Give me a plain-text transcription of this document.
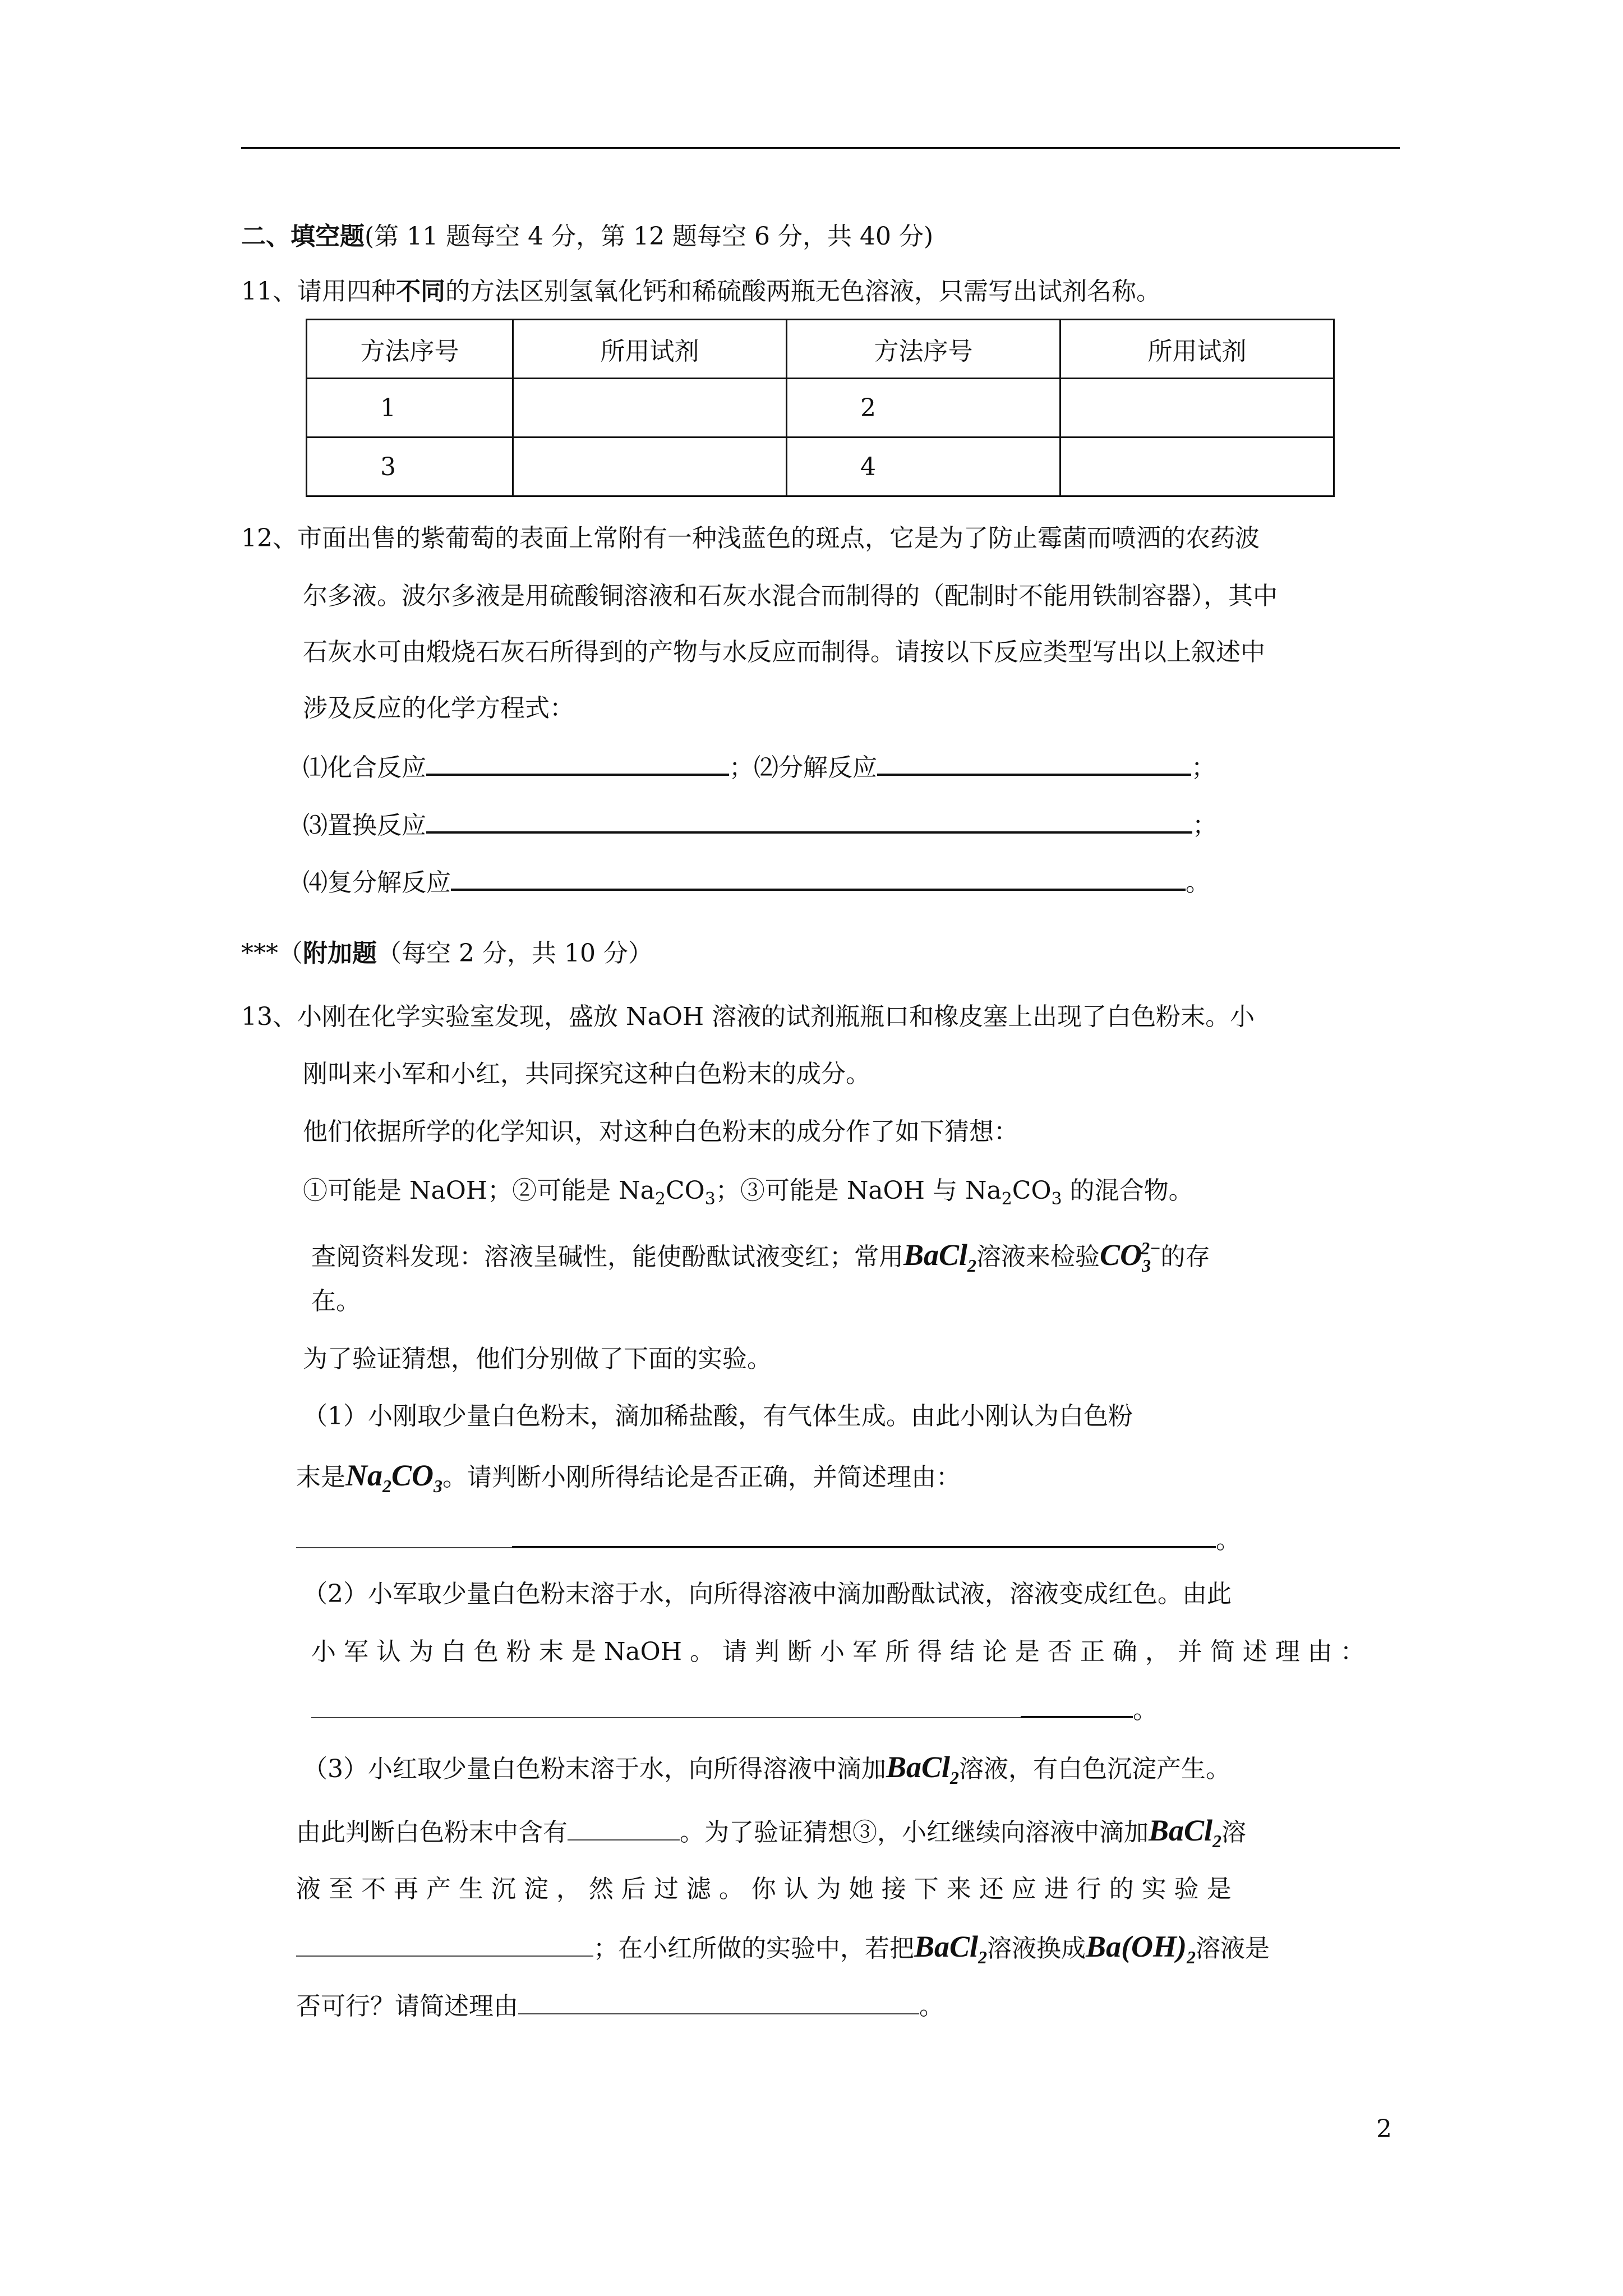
二、填空题(第 11 题每空 4 分，第 12 题每空 6 分，共 40 分)
11、请用四种不同的方法区别氢氧化钙和稀硫酸两瓶无色溶液，只需写出试剂名称。
方法序号	所用试剂	方法序号	所用试剂
1		2	
3		4	
12、市面出售的紫葡萄的表面上常附有一种浅蓝色的斑点，它是为了防止霉菌而喷洒的农药波
尔多液。波尔多液是用硫酸铜溶液和石灰水混合而制得的（配制时不能用铁制容器），其中
石灰水可由煅烧石灰石所得到的产物与水反应而制得。请按以下反应类型写出以上叙述中
涉及反应的化学方程式：
⑴化合反应	；⑵分解反应	；
⑶置换反应	；
⑷复分解反应	。
***（附加题（每空 2 分，共 10 分）
13、小刚在化学实验室发现，盛放 NaOH 溶液的试剂瓶瓶口和橡皮塞上出现了白色粉末。小
刚叫来小军和小红，共同探究这种白色粉末的成分。
他们依据所学的化学知识，对这种白色粉末的成分作了如下猜想：
①可能是 NaOH；②可能是 $Na_2CO_3$；③可能是 NaOH 与 $Na_2CO_3$ 的混合物。
查阅资料发现：溶液呈碱性，能使酚酞试液变红；常用BaCl$_2$溶液来检验$CO_3^{2-}$的存
在。
为了验证猜想，他们分别做了下面的实验。
（1）小刚取少量白色粉末，滴加稀盐酸，有气体生成。由此小刚认为白色粉
末是$Na_2CO_3$。请判断小刚所得结论是否正确，并简述理由：
。
（2）小军取少量白色粉末溶于水，向所得溶液中滴加酚酞试液，溶液变成红色。由此
小 军 认 为 白 色 粉 末 是 NaOH 。 请 判 断 小 军 所 得 结 论 是 否 正 确 ， 并 简 述 理 由 ：
。
（3）小红取少量白色粉末溶于水，向所得溶液中滴加BaCl$_2$溶液，有白色沉淀产生。
由此判断白色粉末中含有	。为了验证猜想③，小红继续向溶液中滴加BaCl$_2$溶
液 至 不 再 产 生 沉 淀 ， 然 后 过 滤 。 你 认 为 她 接 下 来 还 应 进 行 的 实 验 是
；在小红所做的实验中，若把BaCl$_2$溶液换成$Ba(OH)_2$溶液是
否可行？请简述理由	。
2
